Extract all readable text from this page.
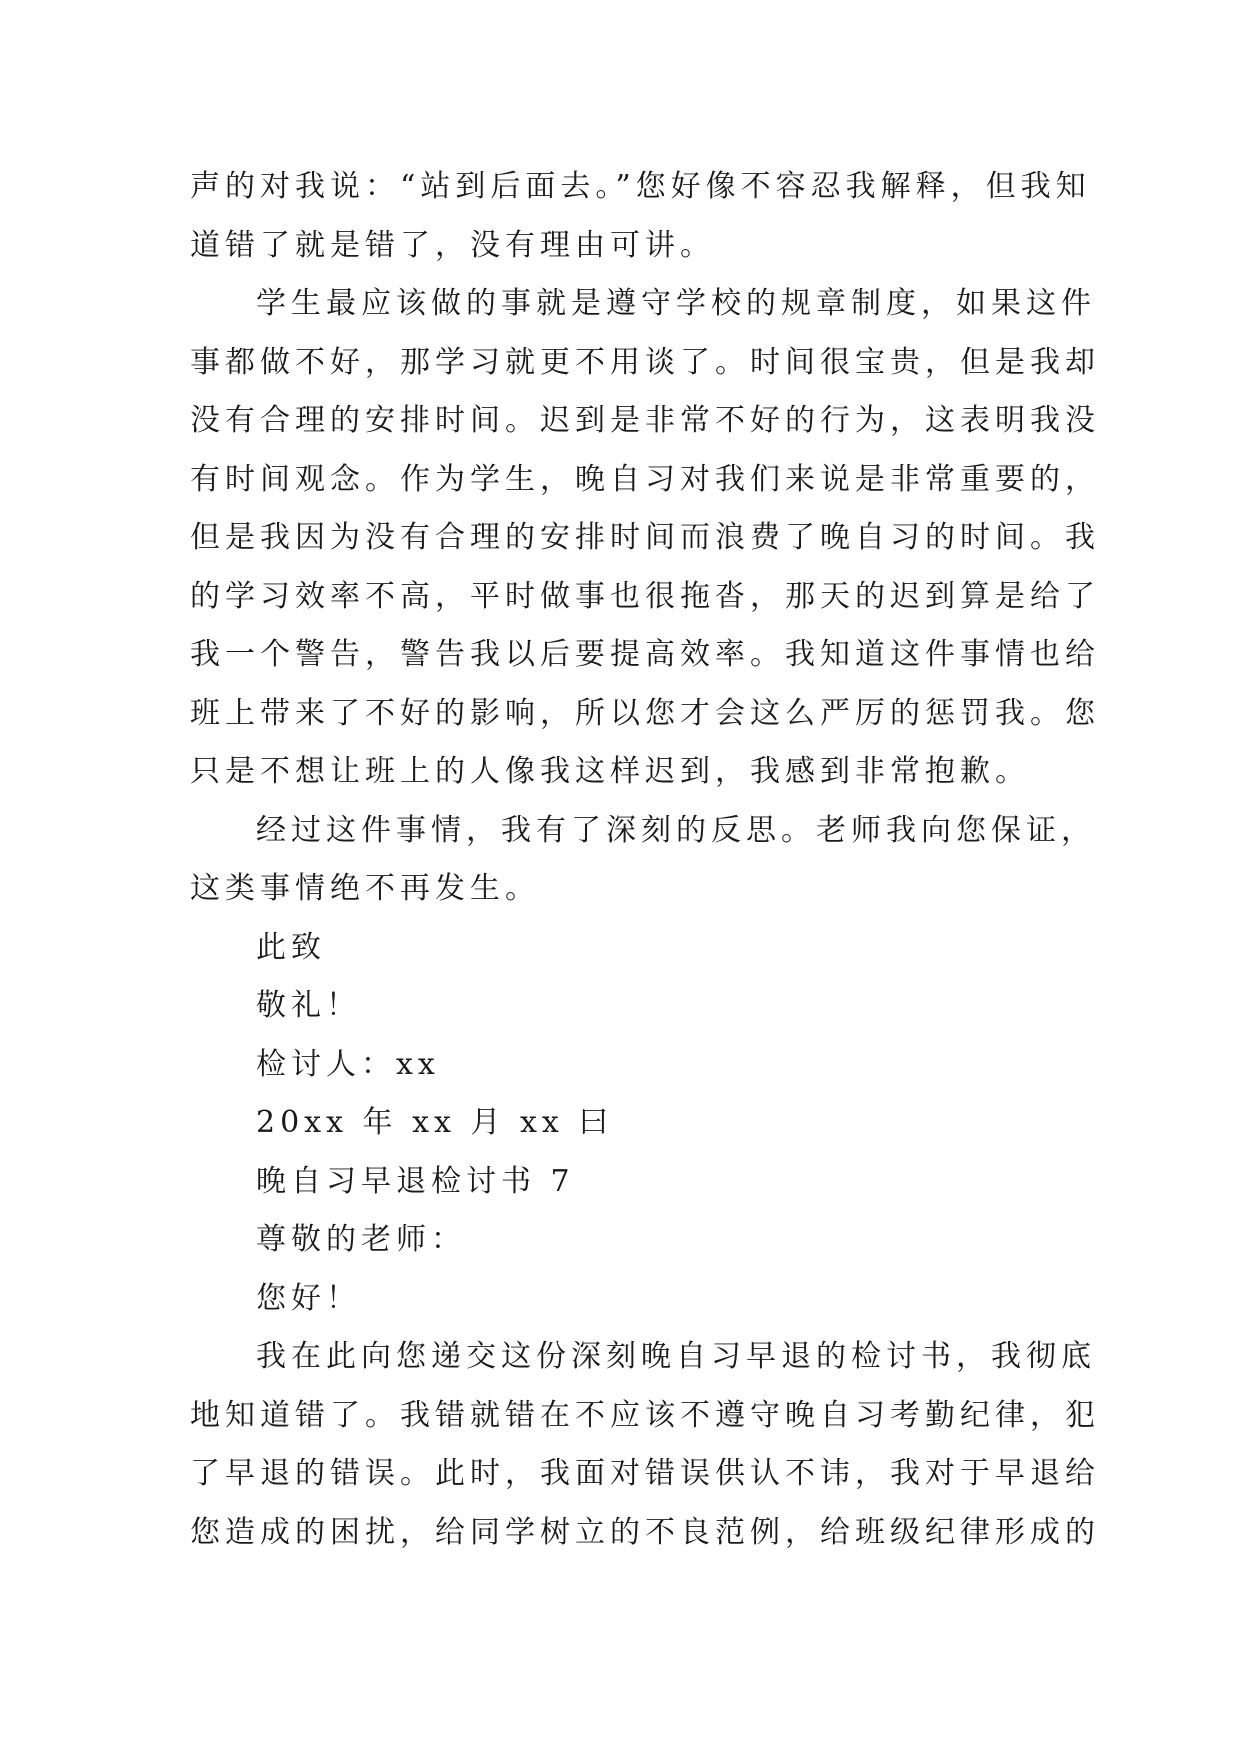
声的对我说：“站到后面去。”您好像不容忍我解释，但我知
道错了就是错了，没有理由可讲。
学生最应该做的事就是遵守学校的规章制度，如果这件
事都做不好，那学习就更不用谈了。时间很宝贵，但是我却
没有合理的安排时间。迟到是非常不好的行为，这表明我没
有时间观念。作为学生，晚自习对我们来说是非常重要的，
但是我因为没有合理的安排时间而浪费了晚自习的时间。我
的学习效率不高，平时做事也很拖沓，那天的迟到算是给了
我一个警告，警告我以后要提高效率。我知道这件事情也给
班上带来了不好的影响，所以您才会这么严厉的惩罚我。您
只是不想让班上的人像我这样迟到，我感到非常抱歉。
经过这件事情，我有了深刻的反思。老师我向您保证，
这类事情绝不再发生。
此致
敬礼！
检讨人：xx
20xx 年 xx 月 xx 曰
晚自习早退检讨书 7
尊敬的老师：
您好！
我在此向您递交这份深刻晚自习早退的检讨书，我彻底
地知道错了。我错就错在不应该不遵守晚自习考勤纪律，犯
了早退的错误。此时，我面对错误供认不讳，我对于早退给
您造成的困扰，给同学树立的不良范例，给班级纪律形成的
